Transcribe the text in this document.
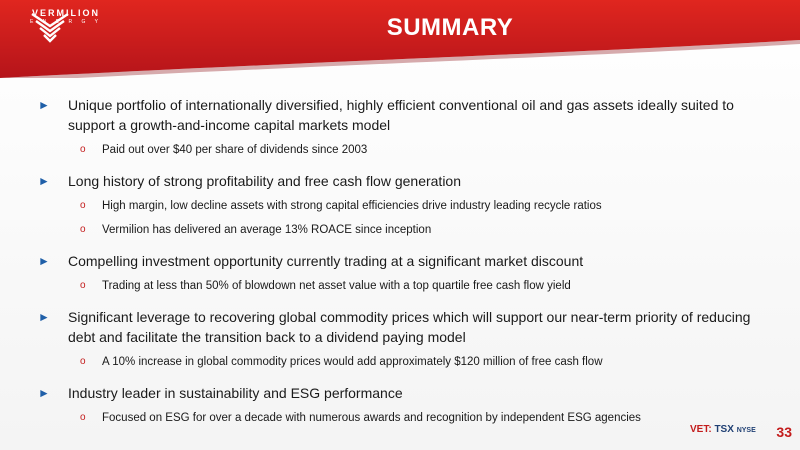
VERMILION
E N E R G Y	SUMMARY
► Unique portfolio of internationally diversified, highly efficient conventional oil and gas assets ideally suited to support a growth-and-income capital markets model
o Paid out over $40 per share of dividends since 2003
► Long history of strong profitability and free cash flow generation
o High margin, low decline assets with strong capital efficiencies drive industry leading recycle ratios
o Vermilion has delivered an average 13% ROACE since inception
► Compelling investment opportunity currently trading at a significant market discount
o Trading at less than 50% of blowdown net asset value with a top quartile free cash flow yield
► Significant leverage to recovering global commodity prices which will support our near-term priority of reducing debt and facilitate the transition back to a dividend paying model
o A 10% increase in global commodity prices would add approximately $120 million of free cash flow
► Industry leader in sustainability and ESG performance
o Focused on ESG for over a decade with numerous awards and recognition by independent ESG agencies
VET: TSX NYSE 33
